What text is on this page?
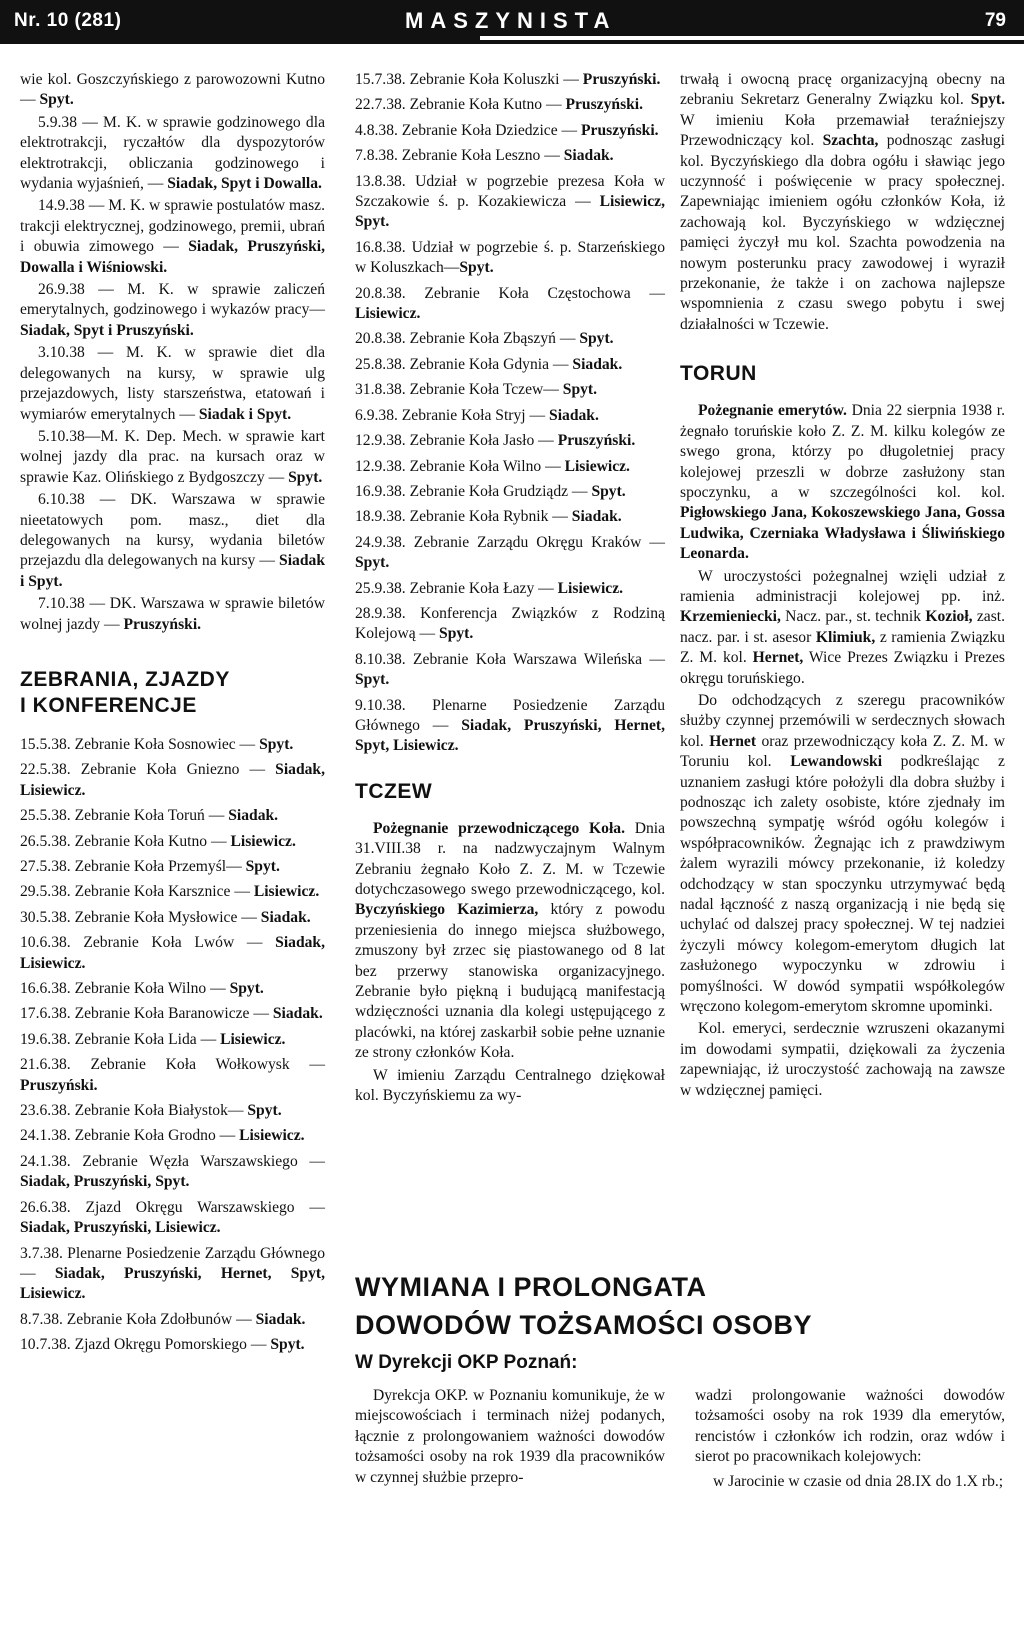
Nr. 10 (281)	MASZYNISTA	79

wie kol. Goszczyńskiego z parowozowni Kutno — Spyt.

5.9.38 — M. K. w sprawie godzinowego dla elektrotrakcji, ryczałtów dla dyspozytorów elektrotrakcji, obliczania godzinowego i wydania wyjaśnień, — Siadak, Spyt i Dowalla.

14.9.38 — M. K. w sprawie postulatów masz. trakcji elektrycznej, godzinowego, premii, ubrań i obuwia zimowego — Siadak, Pruszyński, Dowalla i Wiśniowski.

26.9.38 — M. K. w sprawie zaliczeń emerytalnych, godzinowego i wykazów pracy—Siadak, Spyt i Pruszyński.

3.10.38 — M. K. w sprawie diet dla delegowanych na kursy, w sprawie ulg przejazdowych, listy starszeństwa, etatowań i wymiarów emerytalnych — Siadak i Spyt.

5.10.38—M. K. Dep. Mech. w sprawie kart wolnej jazdy dla prac. na kursach oraz w sprawie Kaz. Olińskiego z Bydgoszczy — Spyt.

6.10.38 — DK. Warszawa w sprawie nieetatowych pom. masz., diet dla delegowanych na kursy, wydania biletów przejazdu dla delegowanych na kursy — Siadak i Spyt.

7.10.38 — DK. Warszawa w sprawie biletów wolnej jazdy — Pruszyński.

ZEBRANIA, ZJAZDY
I KONFERENCJE

15.5.38. Zebranie Koła Sosnowiec — Spyt.

22.5.38. Zebranie Koła Gniezno — Siadak, Lisiewicz.

25.5.38. Zebranie Koła Toruń — Siadak.

26.5.38. Zebranie Koła Kutno — Lisiewicz.

27.5.38. Zebranie Koła Przemyśl— Spyt.

29.5.38. Zebranie Koła Karsznice — Lisiewicz.

30.5.38. Zebranie Koła Mysłowice — Siadak.

10.6.38. Zebranie Koła Lwów — Siadak, Lisiewicz.

16.6.38. Zebranie Koła Wilno — Spyt.

17.6.38. Zebranie Koła Baranowicze — Siadak.

19.6.38. Zebranie Koła Lida — Lisiewicz.

21.6.38. Zebranie Koła Wołkowysk — Pruszyński.

23.6.38. Zebranie Koła Białystok— Spyt.

24.1.38. Zebranie Koła Grodno — Lisiewicz.

24.1.38. Zebranie Węzła Warszawskiego — Siadak, Pruszyński, Spyt.

26.6.38. Zjazd Okręgu Warszawskiego — Siadak, Pruszyński, Lisiewicz.

3.7.38. Plenarne Posiedzenie Zarządu Głównego — Siadak, Pruszyński, Hernet, Spyt, Lisiewicz.

8.7.38. Zebranie Koła Zdołbunów — Siadak.

10.7.38. Zjazd Okręgu Pomorskiego — Spyt.

15.7.38. Zebranie Koła Koluszki — Pruszyński.

22.7.38. Zebranie Koła Kutno — Pruszyński.

4.8.38. Zebranie Koła Dziedzice — Pruszyński.

7.8.38. Zebranie Koła Leszno — Siadak.

13.8.38. Udział w pogrzebie prezesa Koła w Szczakowie ś. p. Kozakiewicza — Lisiewicz, Spyt.

16.8.38. Udział w pogrzebie ś. p. Starzeńskiego w Koluszkach—Spyt.

20.8.38. Zebranie Koła Częstochowa — Lisiewicz.

20.8.38. Zebranie Koła Zbąszyń — Spyt.

25.8.38. Zebranie Koła Gdynia — Siadak.

31.8.38. Zebranie Koła Tczew— Spyt.

6.9.38. Zebranie Koła Stryj — Siadak.

12.9.38. Zebranie Koła Jasło — Pruszyński.

12.9.38. Zebranie Koła Wilno — Lisiewicz.

16.9.38. Zebranie Koła Grudziądz — Spyt.

18.9.38. Zebranie Koła Rybnik — Siadak.

24.9.38. Zebranie Zarządu Okręgu Kraków — Spyt.

25.9.38. Zebranie Koła Łazy — Lisiewicz.

28.9.38. Konferencja Związków z Rodziną Kolejową — Spyt.

8.10.38. Zebranie Koła Warszawa Wileńska — Spyt.

9.10.38. Plenarne Posiedzenie Zarządu Głównego — Siadak, Pruszyński, Hernet, Spyt, Lisiewicz.

TCZEW

Pożegnanie przewodniczącego Koła. Dnia 31.VIII.38 r. na nadzwyczajnym Walnym Zebraniu żegnało Koło Z. Z. M. w Tczewie dotychczasowego swego przewodniczącego, kol. Byczyńskiego Kazimierza, który z powodu przeniesienia do innego miejsca służbowego, zmuszony był zrzec się piastowanego od 8 lat bez przerwy stanowiska organizacyjnego. Zebranie było piękną i budującą manifestacją wdzięczności uznania dla kolegi ustępującego z placówki, na której zaskarbił sobie pełne uznanie ze strony członków Koła.

W imieniu Zarządu Centralnego dziękował kol. Byczyńskiemu za wy-

trwałą i owocną pracę organizacyjną obecny na zebraniu Sekretarz Generalny Związku kol. Spyt. W imieniu Koła przemawiał teraźniejszy Przewodniczący kol. Szachta, podnosząc zasługi kol. Byczyńskiego dla dobra ogółu i sławiąc jego uczynność i poświęcenie w pracy społecznej. Zapewniając imieniem ogółu członków Koła, iż zachowają kol. Byczyńskiego w wdzięcznej pamięci życzył mu kol. Szachta powodzenia na nowym posterunku pracy zawodowej i wyraził przekonanie, że także i on zachowa najlepsze wspomnienia z czasu swego pobytu i swej działalności w Tczewie.

TORUN

Pożegnanie emerytów. Dnia 22 sierpnia 1938 r. żegnało toruńskie koło Z. Z. M. kilku kolegów ze swego grona, którzy po długoletniej pracy kolejowej przeszli w dobrze zasłużony stan spoczynku, a w szczególności kol. kol. Pigłowskiego Jana, Kokoszewskiego Jana, Gossa Ludwika, Czerniaka Władysława i Śliwińskiego Leonarda.

W uroczystości pożegnalnej wzięli udział z ramienia administracji kolejowej pp. inż. Krzemieniecki, Nacz. par., st. technik Kozioł, zast. nacz. par. i st. asesor Klimiuk, z ramienia Związku Z. M. kol. Hernet, Wice Prezes Związku i Prezes okręgu toruńskiego.

Do odchodzących z szeregu pracowników służby czynnej przemówili w serdecznych słowach kol. Hernet oraz przewodniczący koła Z. Z. M. w Toruniu kol. Lewandowski podkreślając z uznaniem zasługi które położyli dla dobra służby i podnosząc ich zalety osobiste, które zjednały im powszechną sympatję wśród ogółu kolegów i współpracowników. Żegnając ich z prawdziwym żalem wyrazili mówcy przekonanie, iż koledzy odchodzący w stan spoczynku utrzymywać będą nadal łączność z naszą organizacją i nie będą się uchylać od dalszej pracy społecznej. W tej nadziei życzyli mówcy kolegom-emerytom długich lat zasłużonego wypoczynku w zdrowiu i pomyślności. W dowód sympatii współkolegów wręczono kolegom-emerytom skromne upominki.

Kol. emeryci, serdecznie wzruszeni okazanymi im dowodami sympatii, dziękowali za życzenia zapewniając, iż uroczystość zachowają na zawsze w wdzięcznej pamięci.

WYMIANA I PROLONGATA
DOWODÓW TOŻSAMOŚCI OSOBY
W Dyrekcji OKP Poznań:

Dyrekcja OKP. w Poznaniu komunikuje, że w miejscowościach i terminach niżej podanych, łącznie z prolongowaniem ważności dowodów tożsamości osoby na rok 1939 dla pracowników w czynnej służbie przepro-

wadzi prolongowanie ważności dowodów tożsamości osoby na rok 1939 dla emerytów, rencistów i członków ich rodzin, oraz wdów i sierot po pracownikach kolejowych:

w Jarocinie w czasie od dnia 28.IX do 1.X rb.;
